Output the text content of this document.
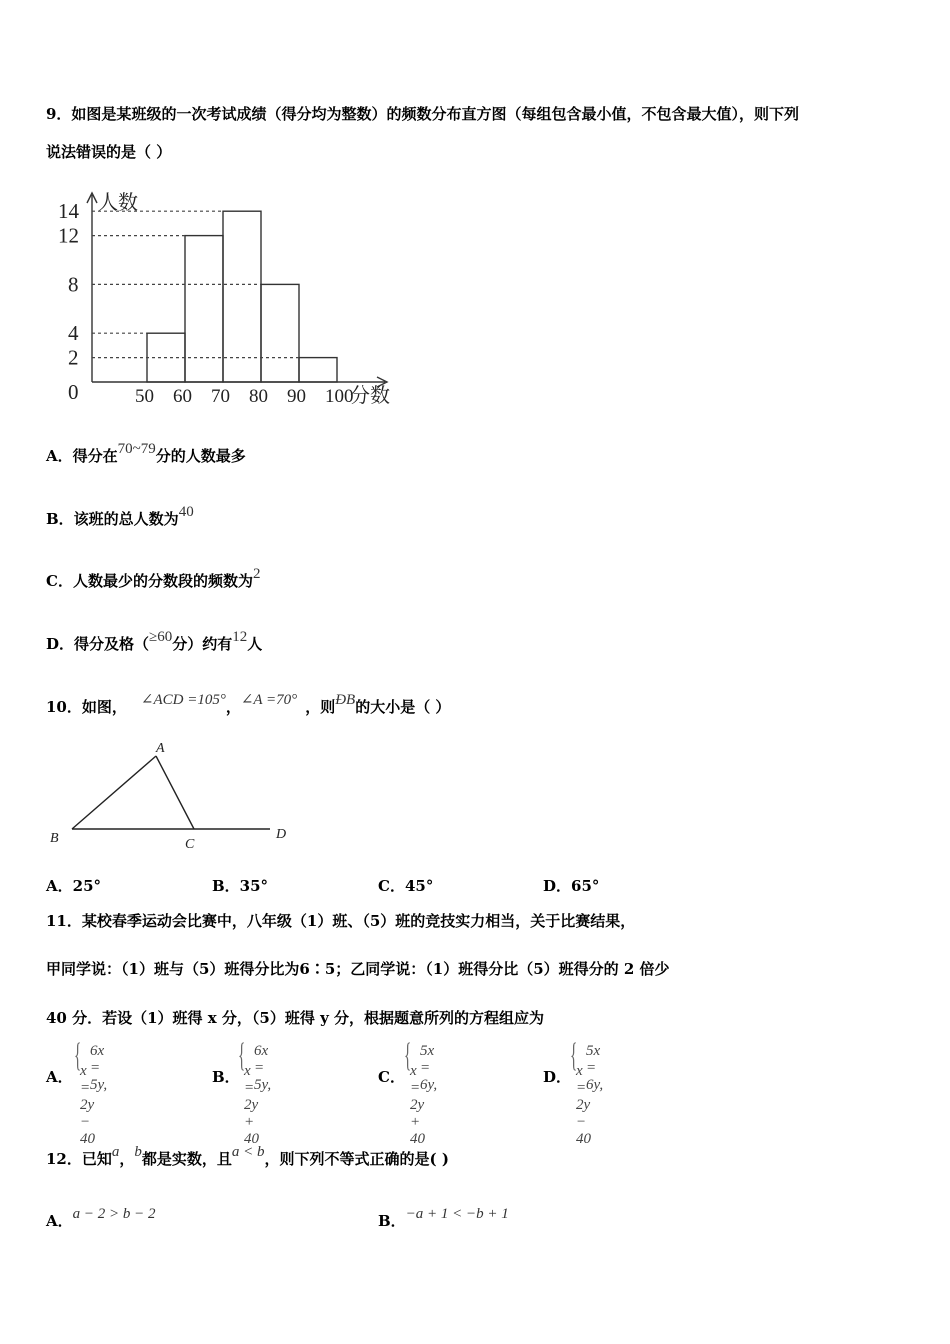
9．如图是某班级的一次考试成绩（得分均为整数）的频数分布直方图（每组包含最小值，不包含最大值），则下列
说法错误的是（ ）
人数
分数
50 60 70 80 90 100
0
2
4
8
12
14
A．得分在70~79分的人数最多
B．该班的总人数为40
C．人数最少的分数段的频数为2
D．得分及格（≥60分）约有12人
10．如图， ∠ACD =105°，∠A =70° ，则ÐB的大小是（ ）
A
B	C
D
A．25°	B．35°	C．45°	D．65°
11．某校春季运动会比赛中，八年级（1）班、（5）班的竞技实力相当，关于比赛结果，
甲同学说：（1）班与（5）班得分比为6∶5；乙同学说：（1）班得分比（5）班得分的 2 倍少
40 分．若设（1）班得 x 分，（5）班得 y 分，根据题意所列的方程组应为
A．
{ 6x = 5y,
x = 2y − 40
B．
{ 6x = 5y,
x = 2y + 40
C．
{ 5x = 6y,
x = 2y + 40
D．
{ 5x = 6y,
x = 2y − 40
12．已知a，b都是实数，且a < b，则下列不等式正确的是( )
A．a − 2 > b − 2	B．−a + 1 < −b + 1
